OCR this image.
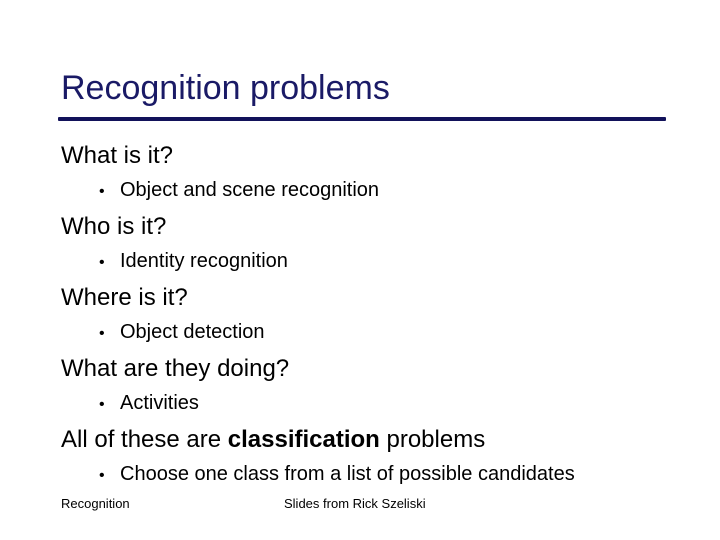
Recognition problems
What is it?
• Object and scene recognition
Who is it?
• Identity recognition
Where is it?
• Object detection
What are they doing?
• Activities
All of these are classification problems
• Choose one class from a list of possible candidates
Recognition	Slides from Rick Szeliski
